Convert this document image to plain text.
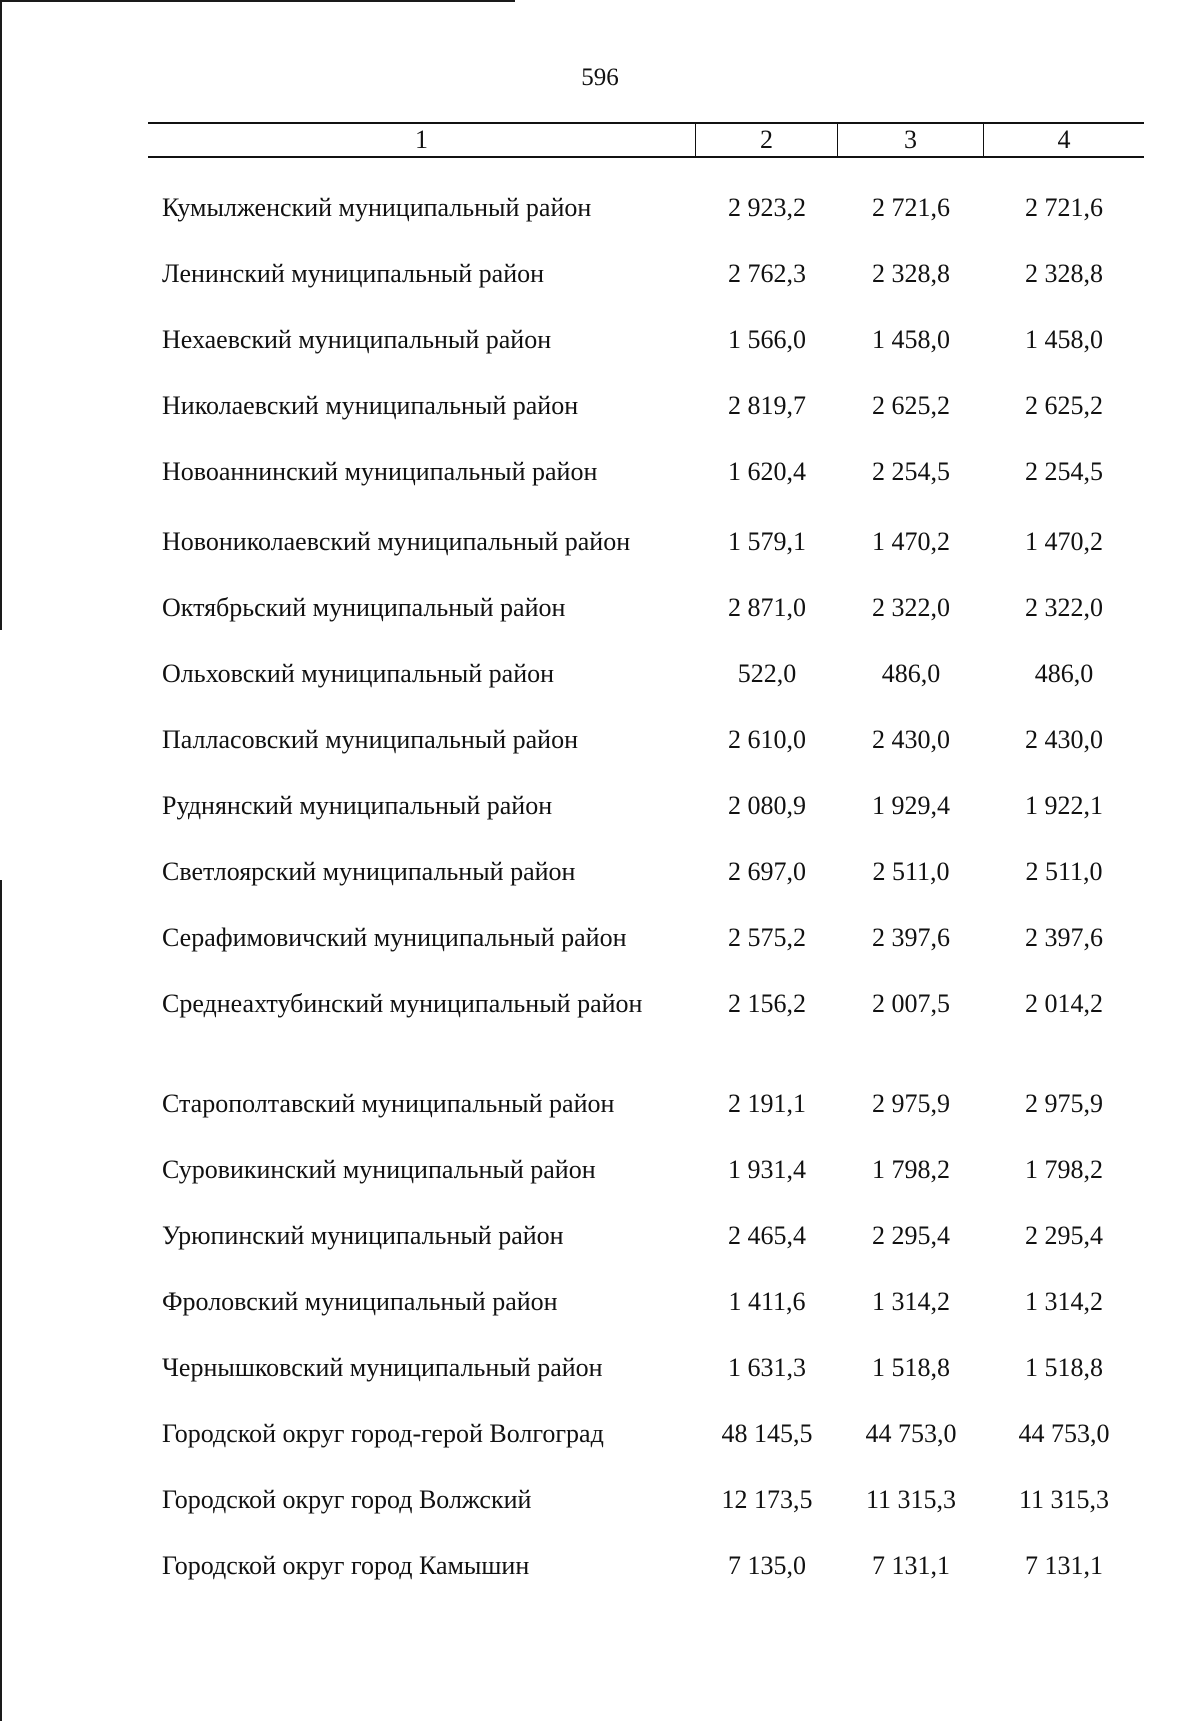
596
1	2	3	4
Кумылженский муниципальный район	2 923,2	2 721,6	2 721,6
Ленинский муниципальный район	2 762,3	2 328,8	2 328,8
Нехаевский муниципальный район	1 566,0	1 458,0	1 458,0
Николаевский муниципальный район	2 819,7	2 625,2	2 625,2
Новоаннинский муниципальный район	1 620,4	2 254,5	2 254,5
Новониколаевский муниципальный район	1 579,1	1 470,2	1 470,2
Октябрьский муниципальный район	2 871,0	2 322,0	2 322,0
Ольховский муниципальный район	522,0	486,0	486,0
Палласовский муниципальный район	2 610,0	2 430,0	2 430,0
Руднянский муниципальный район	2 080,9	1 929,4	1 922,1
Светлоярский муниципальный район	2 697,0	2 511,0	2 511,0
Серафимовичский муниципальный район	2 575,2	2 397,6	2 397,6
Среднеахтубинский муниципальный район	2 156,2	2 007,5	2 014,2
Старополтавский муниципальный район	2 191,1	2 975,9	2 975,9
Суровикинский муниципальный район	1 931,4	1 798,2	1 798,2
Урюпинский муниципальный район	2 465,4	2 295,4	2 295,4
Фроловский муниципальный район	1 411,6	1 314,2	1 314,2
Чернышковский муниципальный район	1 631,3	1 518,8	1 518,8
Городской округ город-герой Волгоград	48 145,5	44 753,0	44 753,0
Городской округ город Волжский	12 173,5	11 315,3	11 315,3
Городской округ город Камышин	7 135,0	7 131,1	7 131,1
